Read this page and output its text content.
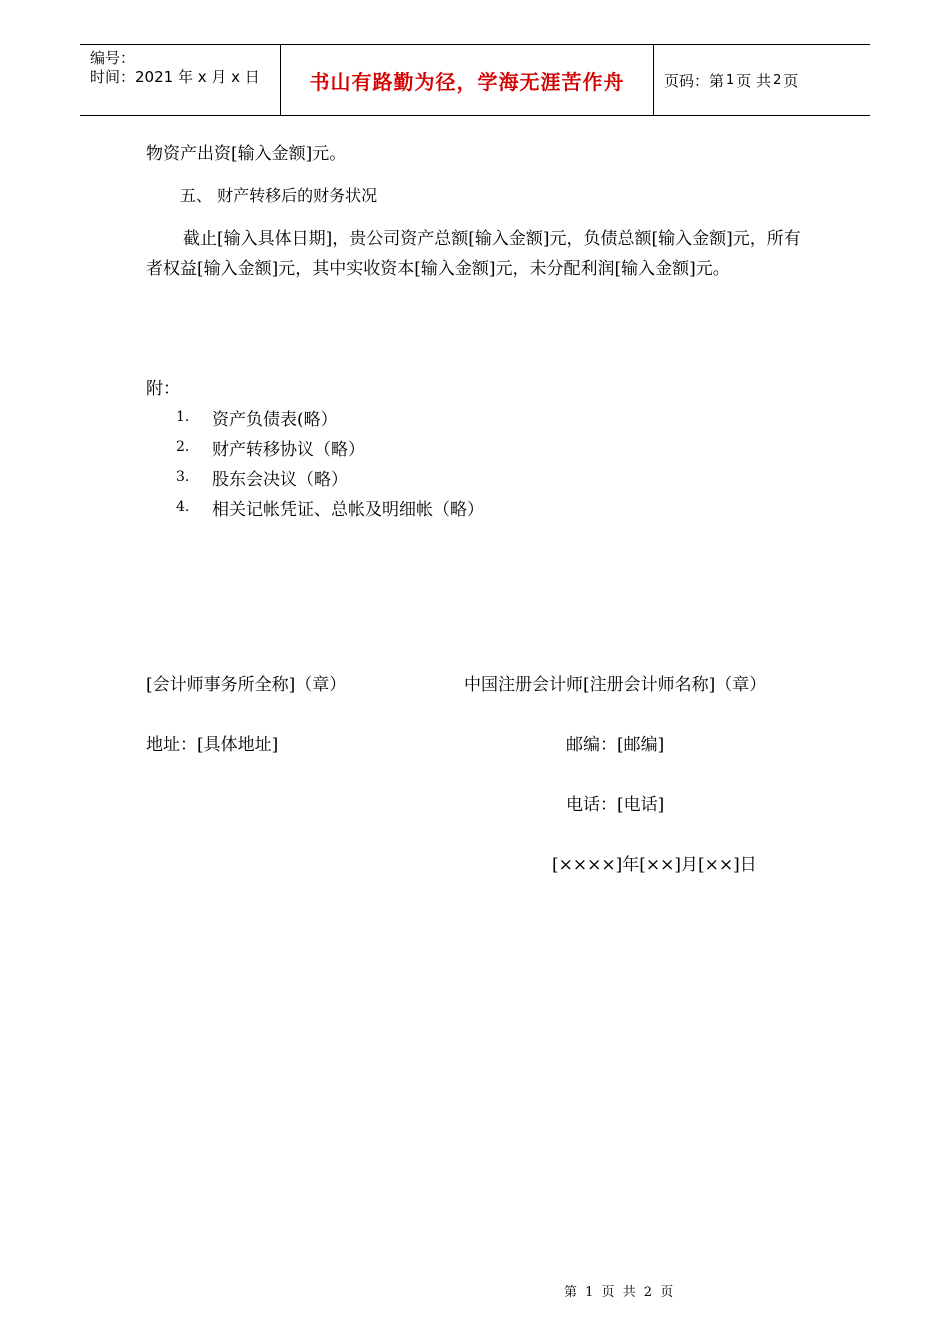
编号：
时间：2021 年 x 月 x 日	书山有路勤为径，学海无涯苦作舟	页码：第 1 页 共 2 页
物资产出资[输入金额]元。
五、 财产转移后的财务状况
截止[输入具体日期]，贵公司资产总额[输入金额]元，负债总额[输入金额]元，所有者权益[输入金额]元，其中实收资本[输入金额]元，未分配利润[输入金额]元。
附：
1.	资产负债表(略）
2.	财产转移协议（略）
3.	股东会决议（略）
4.	相关记帐凭证、总帐及明细帐（略）
[会计师事务所全称]（章）	中国注册会计师[注册会计师名称]（章）
地址：[具体地址]	邮编：[邮编]
电话：[电话]
[××××]年[××]月[××]日
第 1 页 共 2 页
